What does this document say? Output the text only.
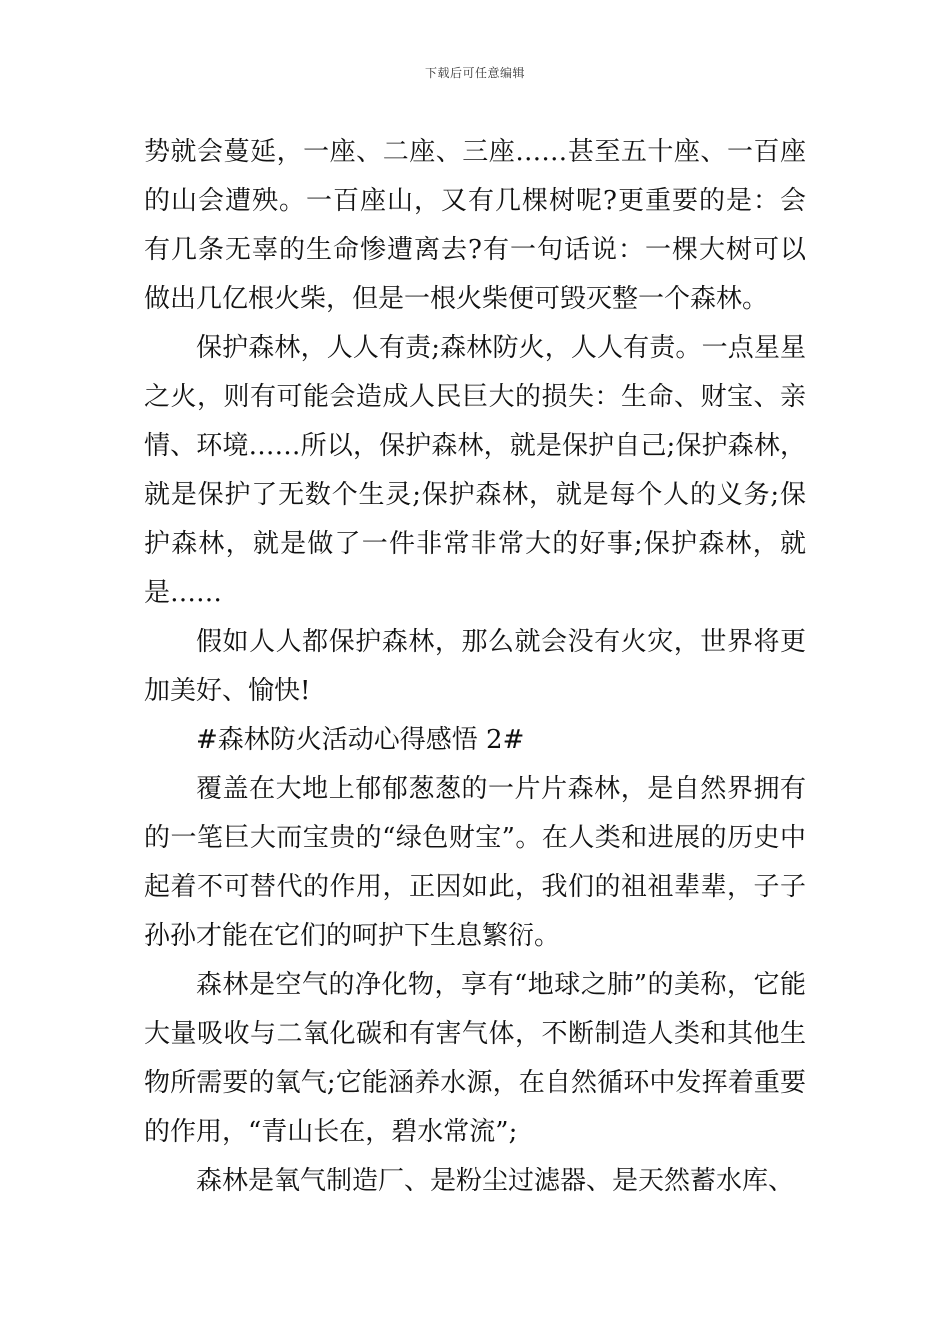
下载后可任意编辑

势就会蔓延，一座、二座、三座……甚至五十座、一百座的山会遭殃。一百座山，又有几棵树呢?更重要的是：会有几条无辜的生命惨遭离去?有一句话说：一棵大树可以做出几亿根火柴，但是一根火柴便可毁灭整一个森林。

保护森林，人人有责;森林防火，人人有责。一点星星之火，则有可能会造成人民巨大的损失：生命、财宝、亲情、环境……所以，保护森林，就是保护自己;保护森林，就是保护了无数个生灵;保护森林，就是每个人的义务;保护森林，就是做了一件非常非常大的好事;保护森林，就是……

假如人人都保护森林，那么就会没有火灾，世界将更加美好、愉快!

#森林防火活动心得感悟 2#

覆盖在大地上郁郁葱葱的一片片森林，是自然界拥有的一笔巨大而宝贵的“绿色财宝”。在人类和进展的历史中起着不可替代的作用，正因如此，我们的祖祖辈辈，子子孙孙才能在它们的呵护下生息繁衍。

森林是空气的净化物，享有“地球之肺”的美称，它能大量吸收与二氧化碳和有害气体，不断制造人类和其他生物所需要的氧气;它能涵养水源，在自然循环中发挥着重要的作用，“青山长在，碧水常流”;

森林是氧气制造厂、是粉尘过滤器、是天然蓄水库、
